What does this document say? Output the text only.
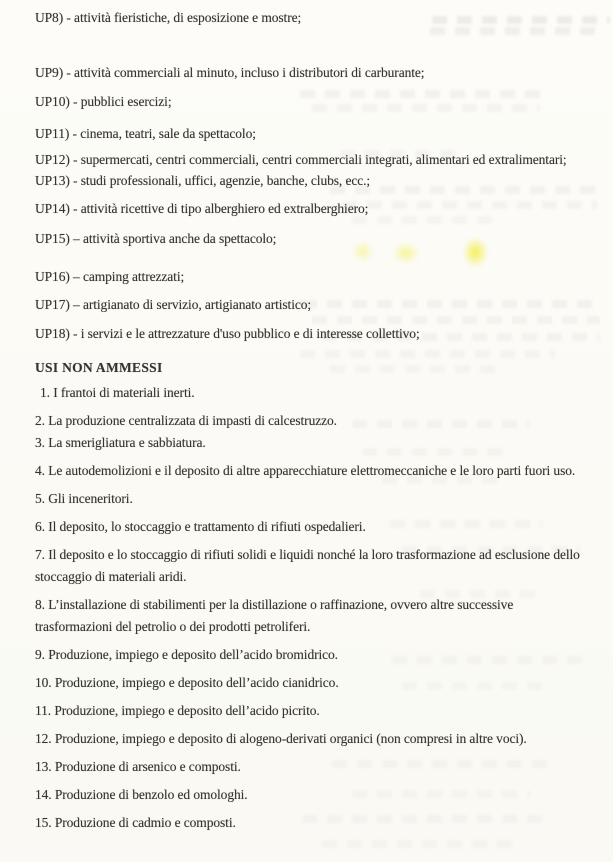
UP8) - attività fieristiche, di esposizione e mostre;
UP9) - attività commerciali al minuto, incluso i distributori di carburante;
UP10) - pubblici esercizi;
UP11) - cinema, teatri, sale da spettacolo;
UP12) - supermercati, centri commerciali, centri commerciali integrati, alimentari ed extralimentari;
UP13) - studi professionali, uffici, agenzie, banche, clubs, ecc.;
UP14) - attività ricettive di tipo alberghiero ed extralberghiero;
UP15) – attività sportiva anche da spettacolo;
UP16) – camping attrezzati;
UP17) – artigianato di servizio, artigianato artistico;
UP18) - i servizi e le attrezzature d'uso pubblico e di interesse collettivo;
USI NON AMMESSI
1. I frantoi di materiali inerti.
2. La produzione centralizzata di impasti di calcestruzzo.
3. La smerigliatura e sabbiatura.
4. Le autodemolizioni e il deposito di altre apparecchiature elettromeccaniche e le loro parti fuori uso.
5. Gli inceneritori.
6. Il deposito, lo stoccaggio e trattamento di rifiuti ospedalieri.
7. Il deposito e lo stoccaggio di rifiuti solidi e liquidi nonché la loro trasformazione ad esclusione dello stoccaggio di materiali aridi.
8. L’installazione di stabilimenti per la distillazione o raffinazione, ovvero altre successive trasformazioni del petrolio o dei prodotti petroliferi.
9. Produzione, impiego e deposito dell’acido bromidrico.
10. Produzione, impiego e deposito dell’acido cianidrico.
11. Produzione, impiego e deposito dell’acido picrito.
12. Produzione, impiego e deposito di alogeno-derivati organici (non compresi in altre voci).
13. Produzione di arsenico e composti.
14. Produzione di benzolo ed omologhi.
15. Produzione di cadmio e composti.
